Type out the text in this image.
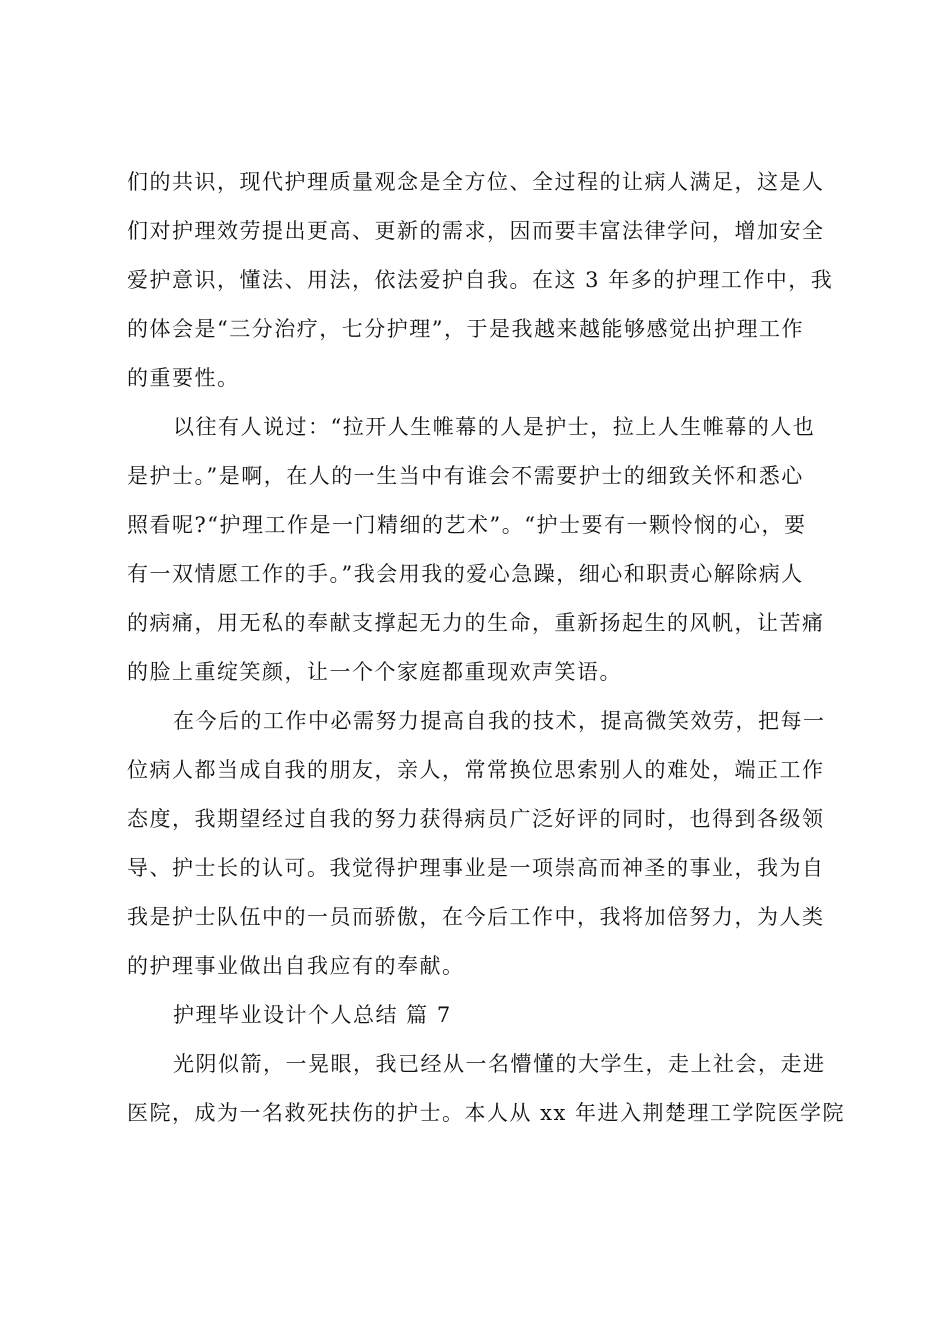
们的共识，现代护理质量观念是全方位、全过程的让病人满足，这是人
们对护理效劳提出更高、更新的需求，因而要丰富法律学问，增加安全
爱护意识，懂法、用法，依法爱护自我。在这 3 年多的护理工作中，我
的体会是“三分治疗，七分护理”，于是我越来越能够感觉出护理工作
的重要性。

以往有人说过：“拉开人生帷幕的人是护士，拉上人生帷幕的人也
是护士。”是啊，在人的一生当中有谁会不需要护士的细致关怀和悉心
照看呢?“护理工作是一门精细的艺术”。“护士要有一颗怜悯的心，要
有一双情愿工作的手。”我会用我的爱心急躁，细心和职责心解除病人
的病痛，用无私的奉献支撑起无力的生命，重新扬起生的风帆，让苦痛
的脸上重绽笑颜，让一个个家庭都重现欢声笑语。

在今后的工作中必需努力提高自我的技术，提高微笑效劳，把每一
位病人都当成自我的朋友，亲人，常常换位思索别人的难处，端正工作
态度，我期望经过自我的努力获得病员广泛好评的同时，也得到各级领
导、护士长的认可。我觉得护理事业是一项崇高而神圣的事业，我为自
我是护士队伍中的一员而骄傲，在今后工作中，我将加倍努力，为人类
的护理事业做出自我应有的奉献。

护理毕业设计个人总结 篇 7

光阴似箭，一晃眼，我已经从一名懵懂的大学生，走上社会，走进
医院，成为一名救死扶伤的护士。本人从 xx 年进入荆楚理工学院医学院
